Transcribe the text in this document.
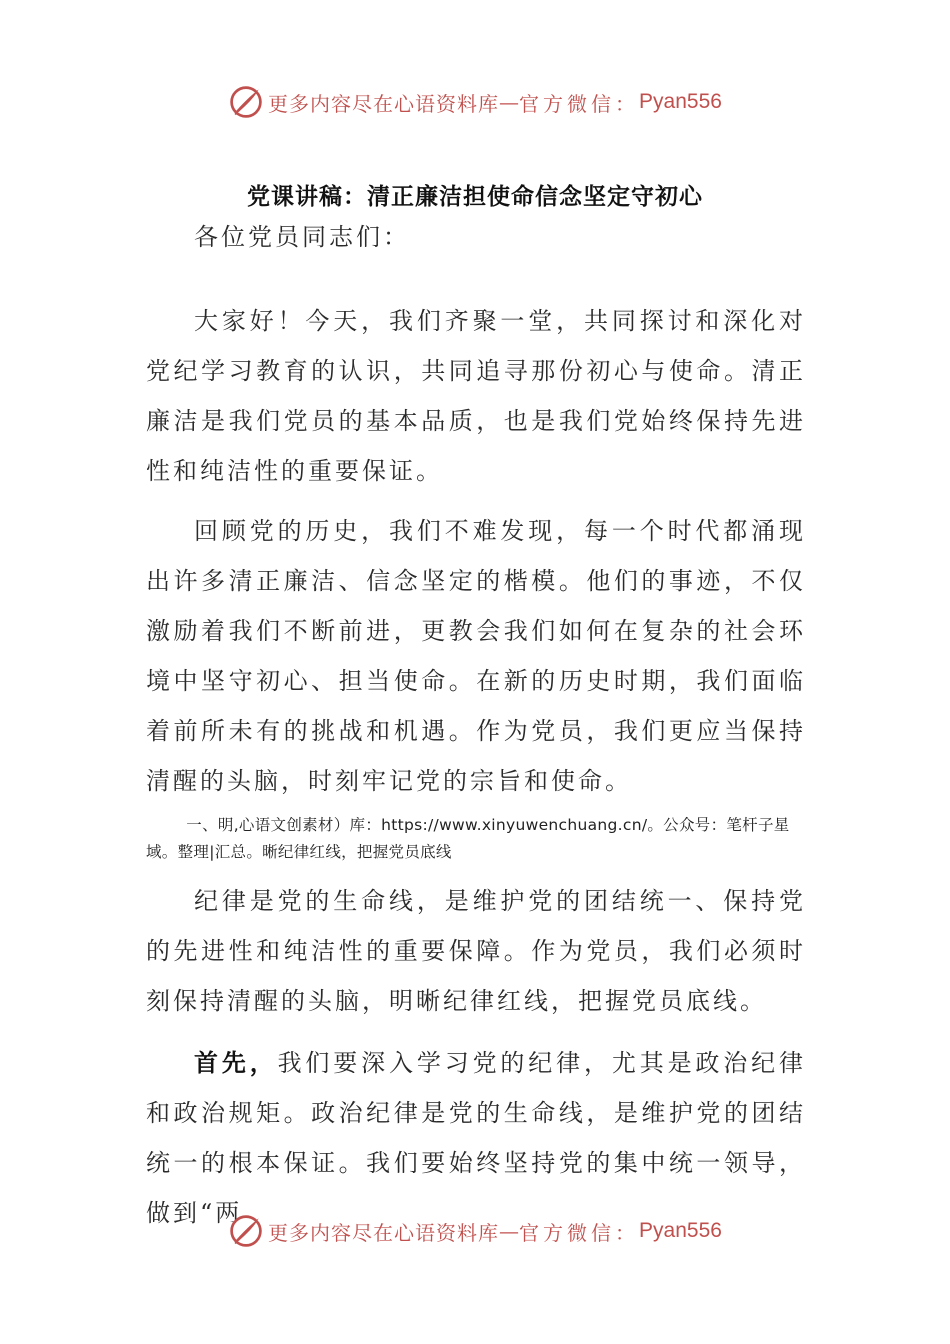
更多内容尽在心语资料库 — 官方微信： Pyan556
党课讲稿：清正廉洁担使命信念坚定守初心

各位党员同志们：

大家好！今天，我们齐聚一堂，共同探讨和深化对党纪学习教育的认识，共同追寻那份初心与使命。清正廉洁是我们党员的基本品质，也是我们党始终保持先进性和纯洁性的重要保证。

回顾党的历史，我们不难发现，每一个时代都涌现出许多清正廉洁、信念坚定的楷模。他们的事迹，不仅激励着我们不断前进，更教会我们如何在复杂的社会环境中坚守初心、担当使命。在新的历史时期，我们面临着前所未有的挑战和机遇。作为党员，我们更应当保持清醒的头脑，时刻牢记党的宗旨和使命。

一、明,心语文创素材）库：https://www.xinyuwenchuang.cn/。公众号：笔杆子星域。整理|汇总。晰纪律红线，把握党员底线

纪律是党的生命线，是维护党的团结统一、保持党的先进性和纯洁性的重要保障。作为党员，我们必须时刻保持清醒的头脑，明晰纪律红线，把握党员底线。

首先，我们要深入学习党的纪律，尤其是政治纪律和政治规矩。政治纪律是党的生命线，是维护党的团结统一的根本保证。我们要始终坚持党的集中统一领导，做到“两

更多内容尽在心语资料库 — 官方微信： Pyan556
